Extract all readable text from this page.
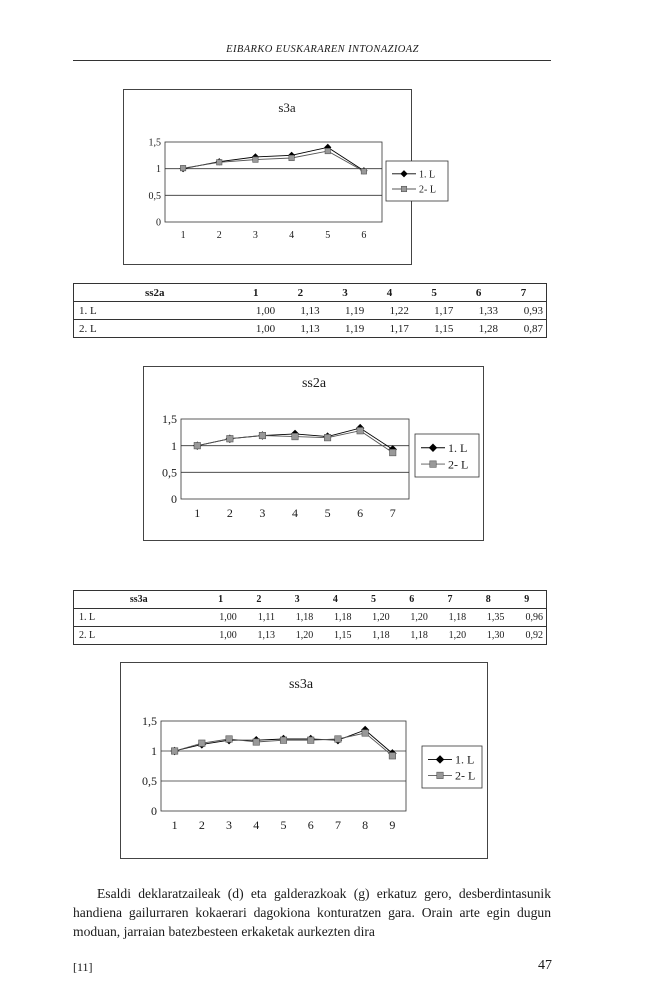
EIBARKO EUSKARAREN INTONAZIOAZ
s3a
0
0,5
1
1,5
1	2	3	4	5	6
1. L
2- L
ss2a	1	2	3	4	5	6	7
1. L	1,00	1,13	1,19	1,22	1,17	1,33	0,93
2. L	1,00	1,13	1,19	1,17	1,15	1,28	0,87
ss2a
0
0,5
1
1,5
1 2 3 4 5 6 7
1. L
2- L
ss3a	1	2	3	4	5	6	7	8	9
1. L	1,00	1,11	1,18	1,18	1,20	1,20	1,18	1,35	0,96
2. L	1,00	1,13	1,20	1,15	1,18	1,18	1,20	1,30	0,92
ss3a
0
0,5
1
1,5
1 2 3 4 5 6 7 8 9
1. L
2- L

Esaldi deklaratzaileak (d) eta galderazkoak (g) erkatuz gero, desberdintasunik handiena gailurraren kokaerari dagokiona konturatzen gara. Orain arte egin dugun moduan, jarraian batezbesteen erkaketak aurkezten dira

[11]	47
